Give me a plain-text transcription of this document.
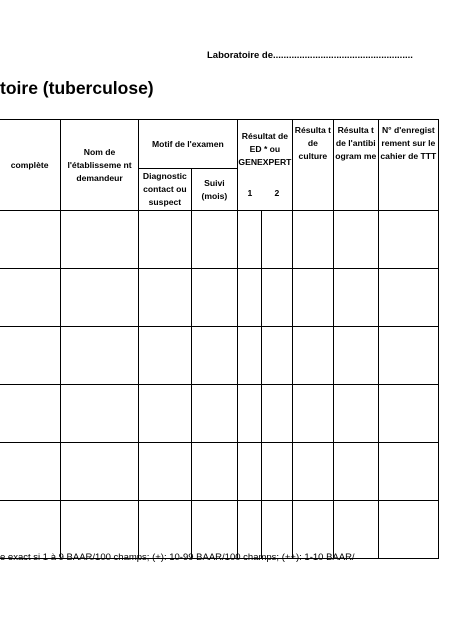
Laboratoire de.....................................................
toire (tuberculose)
complète	Nom de l'établisseme nt demandeur	Motif de l'examen		Résultat de ED * ou GENEXPERT		Résulta t de culture	Résulta t de l'antibi ogram me	N° d'enregist rement sur le cahier de TTT
		Diagnostic contact ou suspect	Suivi (mois)	1	2			

e exact si 1 à 9 BAAR/100 champs; (+): 10-99 BAAR/100 champs; (++): 1-10 BAAR/
